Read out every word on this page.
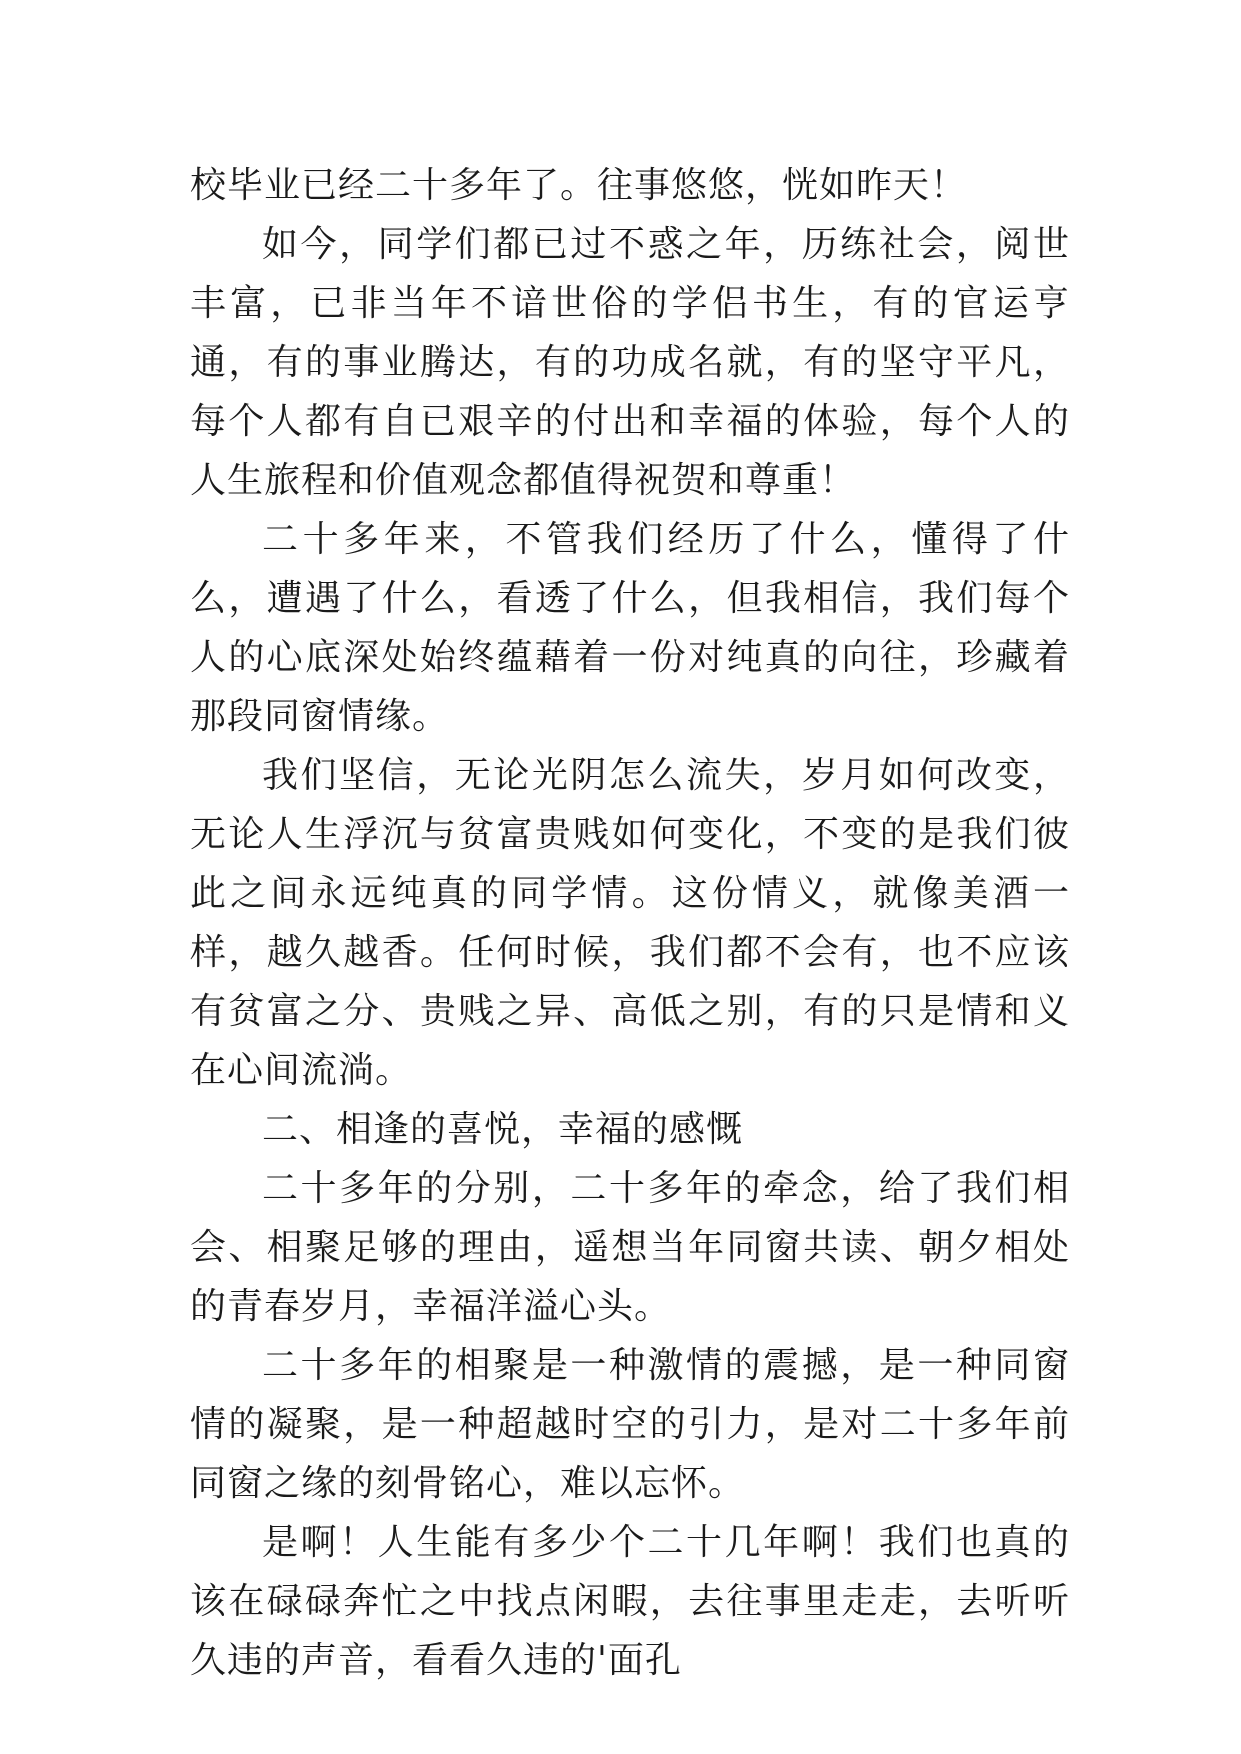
校毕业已经二十多年了。往事悠悠，恍如昨天！

如今，同学们都已过不惑之年，历练社会，阅世丰富，已非当年不谙世俗的学侣书生，有的官运亨通，有的事业腾达，有的功成名就，有的坚守平凡，每个人都有自已艰辛的付出和幸福的体验，每个人的人生旅程和价值观念都值得祝贺和尊重！

二十多年来，不管我们经历了什么，懂得了什么，遭遇了什么，看透了什么，但我相信，我们每个人的心底深处始终蕴藉着一份对纯真的向往，珍藏着那段同窗情缘。

我们坚信，无论光阴怎么流失，岁月如何改变，无论人生浮沉与贫富贵贱如何变化，不变的是我们彼此之间永远纯真的同学情。这份情义，就像美酒一样，越久越香。任何时候，我们都不会有，也不应该有贫富之分、贵贱之异、高低之别，有的只是情和义在心间流淌。

二、相逢的喜悦，幸福的感慨

二十多年的分别，二十多年的牵念，给了我们相会、相聚足够的理由，遥想当年同窗共读、朝夕相处的青春岁月，幸福洋溢心头。

二十多年的相聚是一种激情的震撼，是一种同窗情的凝聚，是一种超越时空的引力，是对二十多年前同窗之缘的刻骨铭心，难以忘怀。

是啊！人生能有多少个二十几年啊！我们也真的该在碌碌奔忙之中找点闲暇，去往事里走走，去听听久违的声音，看看久违的'面孔
